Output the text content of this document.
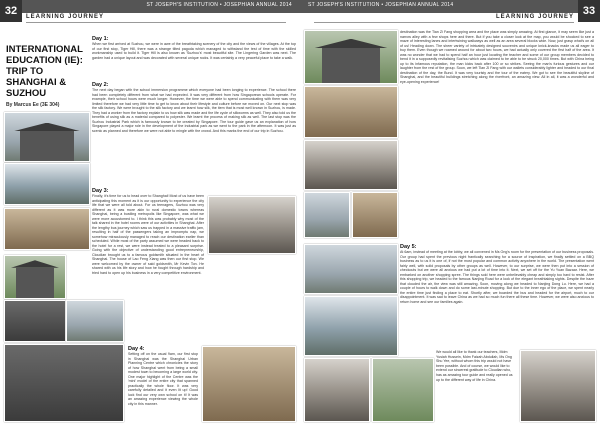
32	ST JOSEPH'S INSTITUTION • JOSEPHIAN ANNUAL 2014
LEARNING JOURNEY
INTERNATIONAL EDUCATION (IE): TRIP TO SHANGHAI & SUZHOU
By Marcus Ee (3E 304)
Day 1:
When we first arrived at Suzhou, we were in awe of the breathtaking scenery of the city and the views of the villages. At the top of our first stop, Tiger Hill, there was a strange tilted pagoda which managed to withstand the test of time with the skilled workmanship used to build it. Tiger Hill is also known as 'Suzhou's' most beautiful site. The Lingering Garden was next. The garden had a unique layout and was decorated with several unique rocks. It was certainly a very peaceful place to take a walk.
Day 2:
The next day began with the school immersion programme which everyone had been longing to experience. The school there had been completely different from what we had expected. It was very different from how Singaporean schools operate. For example, their school hours were much longer. However, the time we were able to spend communicating with them was very limited therefore we had very little time to get to know about their lifestyle and culture before we moved on. Our next stop was the silk factory. We were brought to the silk factory and we learnt how silk, the item that is most well known in Suzhou, is made. They had a worker from the factory explain to us how silk was made and the life cycle of silkworms as well. They also told us the benefits of using silk as a material compared to polyester. We learnt the process of making silk as well. The last stop was the Suzhou Industrial Park which is famously known to be created by Singapore. The tour guide gave us an explanation of how Singapore played a major role in the development of the industrial park as we went to the park in the afternoon. It was just as scenic as planned and therefore we were not able to mingle with the crowd. And this marks the end of our trip in Suzhou.
Day 3:
Finally, it's time for us to head over to Shanghai! Most of us have been anticipating this moment as it is our opportunity to experience the city life that we were all told about. For us teenagers, Suzhou was very different as it was more akin to rural domestic towns whereas Shanghai, being a bustling metropolis like Singapore, was what we were more accustomed to. I think this was probably why most of the talk shared in the hotel rooms were of our activities in Shanghai. After the lengthy bus journey which saw us trapped in a massive traffic jam, resulting in half of the passengers taking an impromptu nap, we somehow miraculously managed to reach our destination earlier than scheduled. While most of the party assumed we were headed back to the hotel for a rest, we were instead treated to a pleasant surprise. Going with the objective of understanding good entrepreneurship, Cloudian brought us to a famous goldsmith situated in the heart of Shanghai. The house of Lao Feng Xiang was then our first stop. We were welcomed by the owner of said goldsmith, Mr Kevin Ton. He shared with us his life story and how he fought through hardship and tried hard to open up his business in a very competitive environment.
Day 4:
Setting off on the usual 9am, our first stop in Shanghai was the Shanghai Urban Planning Centre which chronicles the story of how Shanghai went from being a small modest town to becoming a large world city. One major highlight of the Centre was the 'mini' model of the entire city that spanned practically the whole floor. It was very carefully detailed and it even lit up! Good luck find our very own school on it! It was an amazing experience viewing the whole city in this manner.
33
ST JOSEPH'S INSTITUTION • JOSEPHIAN ANNUAL 2014
LEARNING JOURNEY
destination was the Tian Zi Fang shopping area and the place was simply amazing. At first glance, it may seem like just a narrow alley with a few shops here and there. But if you take a closer look at the map, you would be shocked to see a maze of interesting lanes and intertwining walkways as well as an area several blocks wide. Now, just grasp what's on all of us! Heading down. The sheer variety of intricately designed souvenirs and unique knick-knacks made us all eager to buy them. Even though we roamed around for about two hours, we had actually only covered the first half of the area. It was no wonder that we had to spend half an hour just locating the teacher and some of our group members decided to bend it in a supposedly revitalising Suzhou which was claimed to be able to be struck 20,000 times. But with China being up to its infamous reputation, the man kicks back after 100 or so strikes. Seeing the man's furious gestures and our laughter from the rest of the group. Soon, we left Tian Zi Fang with our wallets considerably lighter and headed to our final destination of the day, the Bund. It was very touristy and the tour of the eatery. We got to see the beautiful skyline of Shanghai, and the beautiful buildings stretching along the riverfront, an amazing view. All in all, it was a wonderful and eye-opening experience!
Day 5:
At 6am, instead of meeting at the lobby, we all convened in Ms Ong's room for the presentation of our business proposals. Our group had spent the previous night frantically searching for a source of inspiration, we finally settled on a BBQ business as to us it is one of, if not the most popular and common activity anywhere in the world. The presentation went fairly well, with solid proposals by other groups as well. However, to our surprise, we were then put into a session of checkouts but we were all anxious we had put a lot of time into it. Next, we set off for the Yu Yuan Bazaar. Here, we embarked on another shopping spree. The things sold here were unbelievably cheap and simply too hard to resist. After this shopping trip, we headed to the famous Nanjing Road for a look of the elegant breathtaking sights. Despite the haze that clouded the air, the view was still amazing. Soon, moving along we headed to Nanjing Dong Lu. Here, we had a couple of hours to walk down and do some last-minute shopping. But due to the inner ego of the place, we spent nearly the entire time just finding a place to eat. Shortly after, we boarded the bus and headed for the airport, much to our disappointment. It was sad to leave China as we had so much fun there all these time. However, we were also anxious to return home and see our families again.
We would all like to thank our teachers, Mdm Yusiah Hussein, Mdm Faizah Abdullah, Ms Ong Shu Yee, without whom this trip would not have been possible. And of course, we would like to extend our sincerest gratitude to Cloudian who, has as amazing tour guide and really opened us up to the different way of life in China.
